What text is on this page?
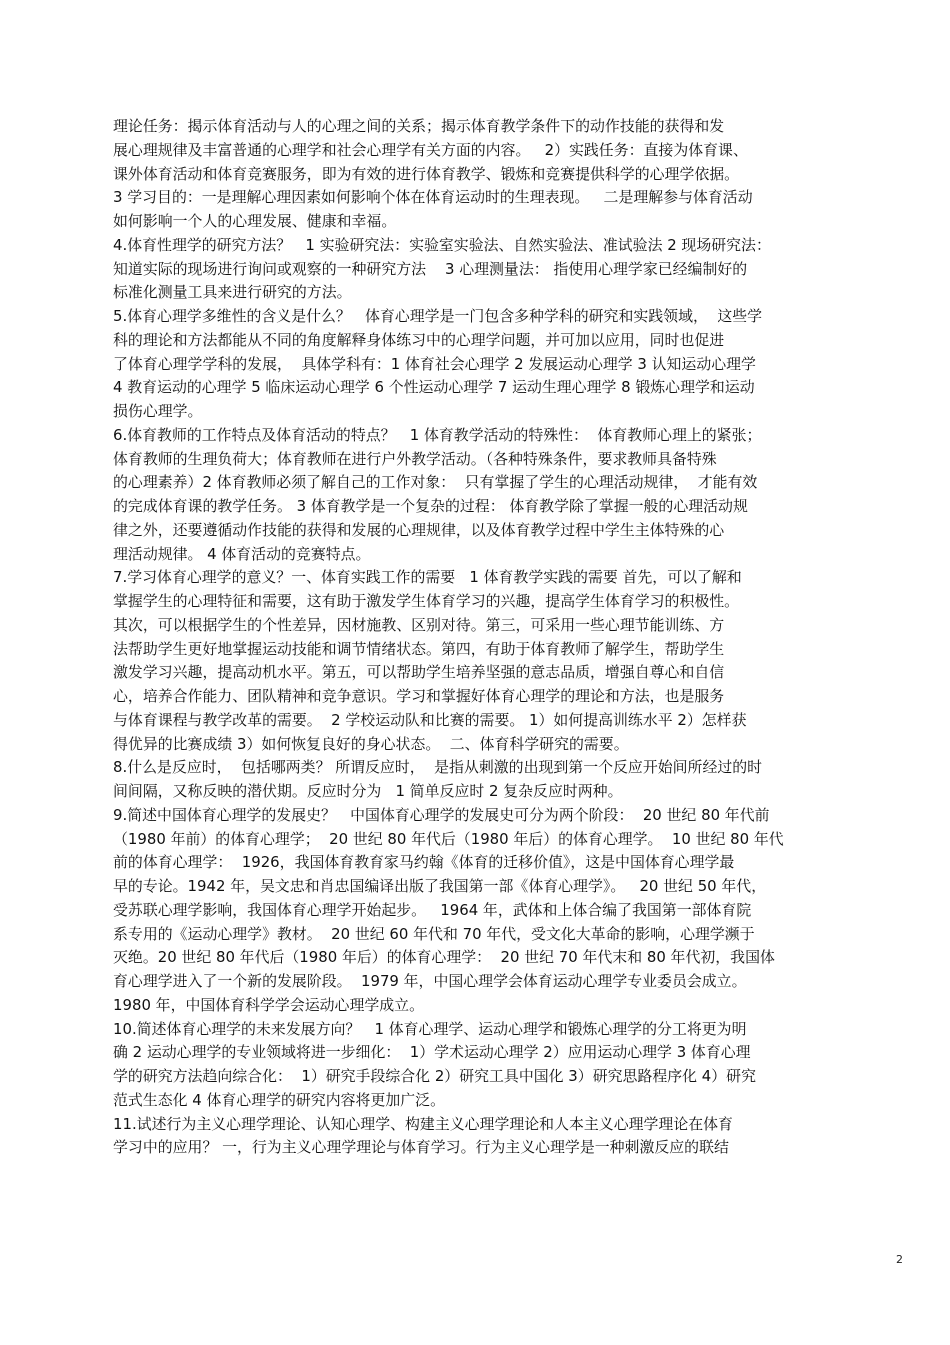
理论任务：揭示体育活动与人的心理之间的关系；揭示体育教学条件下的动作技能的获得和发
展心理规律及丰富普通的心理学和社会心理学有关方面的内容。   2）实践任务：直接为体育课、
课外体育活动和体育竞赛服务，即为有效的进行体育教学、锻炼和竞赛提供科学的心理学依据。
3 学习目的：一是理解心理因素如何影响个体在体育运动时的生理表现。   二是理解参与体育活动
如何影响一个人的心理发展、健康和幸福。
4.体育性理学的研究方法？   1 实验研究法：实验室实验法、自然实验法、准试验法 2 现场研究法：
知道实际的现场进行询问或观察的一种研究方法    3 心理测量法： 指使用心理学家已经编制好的
标准化测量工具来进行研究的方法。
5.体育心理学多维性的含义是什么？   体育心理学是一门包含多种学科的研究和实践领域，  这些学
科的理论和方法都能从不同的角度解释身体练习中的心理学问题，并可加以应用，同时也促进
了体育心理学学科的发展，  具体学科有：1 体育社会心理学 2 发展运动心理学 3 认知运动心理学
4 教育运动的心理学 5 临床运动心理学 6 个性运动心理学 7 运动生理心理学 8 锻炼心理学和运动
损伤心理学。
6.体育教师的工作特点及体育活动的特点？   1 体育教学活动的特殊性：  体育教师心理上的紧张；
体育教师的生理负荷大；体育教师在进行户外教学活动。（各种特殊条件，要求教师具备特殊
的心理素养）2 体育教师必须了解自己的工作对象：  只有掌握了学生的心理活动规律，  才能有效
的完成体育课的教学任务。 3 体育教学是一个复杂的过程： 体育教学除了掌握一般的心理活动规
律之外，还要遵循动作技能的获得和发展的心理规律，以及体育教学过程中学生主体特殊的心
理活动规律。 4 体育活动的竞赛特点。
7.学习体育心理学的意义？一、体育实践工作的需要   1 体育教学实践的需要 首先，可以了解和
掌握学生的心理特征和需要，这有助于激发学生体育学习的兴趣，提高学生体育学习的积极性。
其次，可以根据学生的个性差异，因材施教、区别对待。第三，可采用一些心理节能训练、方
法帮助学生更好地掌握运动技能和调节情绪状态。第四，有助于体育教师了解学生，帮助学生
激发学习兴趣，提高动机水平。第五，可以帮助学生培养坚强的意志品质，增强自尊心和自信
心，培养合作能力、团队精神和竞争意识。学习和掌握好体育心理学的理论和方法，也是服务
与体育课程与教学改革的需要。  2 学校运动队和比赛的需要。 1）如何提高训练水平 2）怎样获
得优异的比赛成绩 3）如何恢复良好的身心状态。  二、体育科学研究的需要。
8.什么是反应时，  包括哪两类？ 所谓反应时，  是指从刺激的出现到第一个反应开始间所经过的时
间间隔，又称反映的潜伏期。反应时分为   1 简单反应时 2 复杂反应时两种。
9.简述中国体育心理学的发展史？   中国体育心理学的发展史可分为两个阶段：  20 世纪 80 年代前
（1980 年前）的体育心理学；  20 世纪 80 年代后（1980 年后）的体育心理学。  10 世纪 80 年代
前的体育心理学：  1926，我国体育教育家马约翰《体育的迁移价值》，这是中国体育心理学最
早的专论。1942 年，吴文忠和肖忠国编译出版了我国第一部《体育心理学》。   20 世纪 50 年代，
受苏联心理学影响，我国体育心理学开始起步。   1964 年，武体和上体合编了我国第一部体育院
系专用的《运动心理学》教材。  20 世纪 60 年代和 70 年代，受文化大革命的影响，心理学濒于
灭绝。20 世纪 80 年代后（1980 年后）的体育心理学：  20 世纪 70 年代末和 80 年代初，我国体
育心理学进入了一个新的发展阶段。  1979 年，中国心理学会体育运动心理学专业委员会成立。
1980 年，中国体育科学学会运动心理学成立。
10.简述体育心理学的未来发展方向？   1 体育心理学、运动心理学和锻炼心理学的分工将更为明
确 2 运动心理学的专业领域将进一步细化：  1）学术运动心理学 2）应用运动心理学 3 体育心理
学的研究方法趋向综合化：  1）研究手段综合化 2）研究工具中国化 3）研究思路程序化 4）研究
范式生态化 4 体育心理学的研究内容将更加广泛。
11.试述行为主义心理学理论、认知心理学、构建主义心理学理论和人本主义心理学理论在体育
学习中的应用？ 一，行为主义心理学理论与体育学习。行为主义心理学是一种刺激反应的联结
2
